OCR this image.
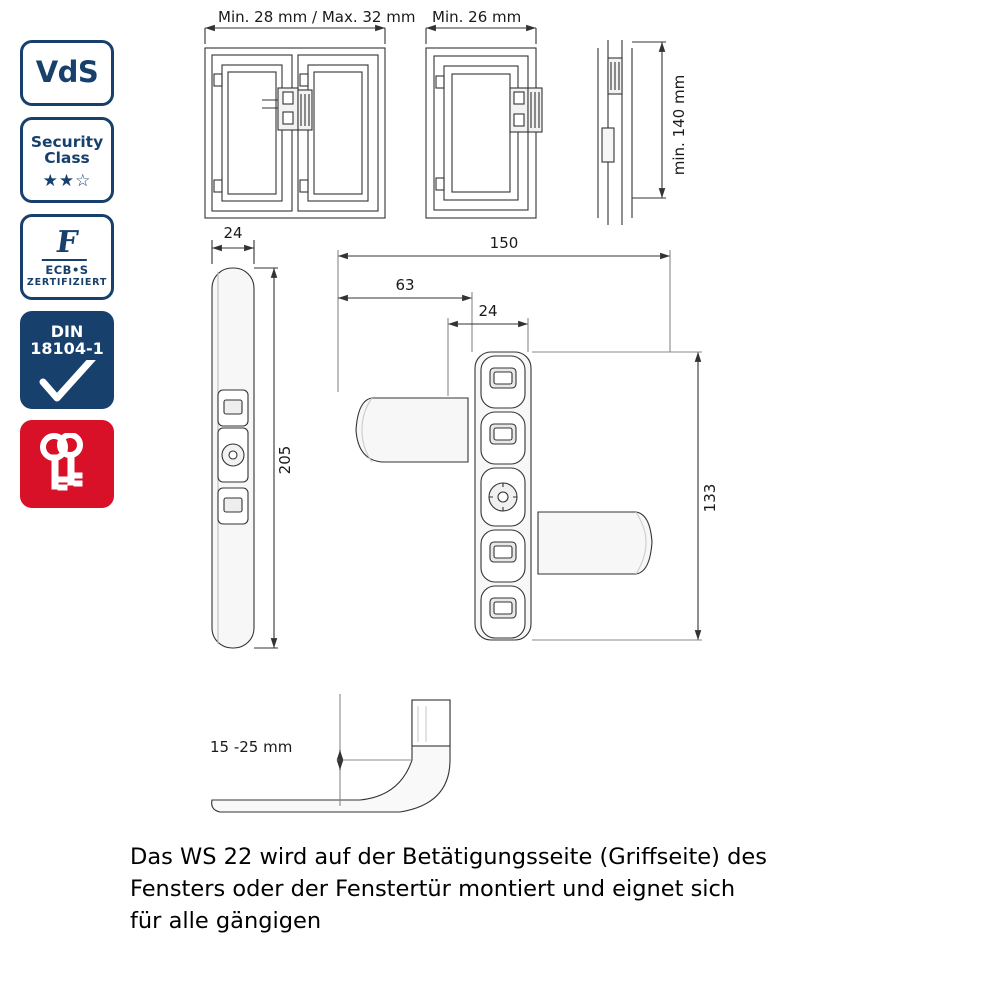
VdS
Security
Class
★★☆
F
ECB•S
ZERTIFIZIERT
DIN
18104-1
Min. 28 mm / Max. 32 mm Min. 26 mm
min. 140 mm
24
205
150
63
24
133
15 -25 mm
Das WS 22 wird auf der Betätigungsseite (Griffseite) des
Fensters oder der Fenstertür montiert und eignet sich
für alle gängigen
